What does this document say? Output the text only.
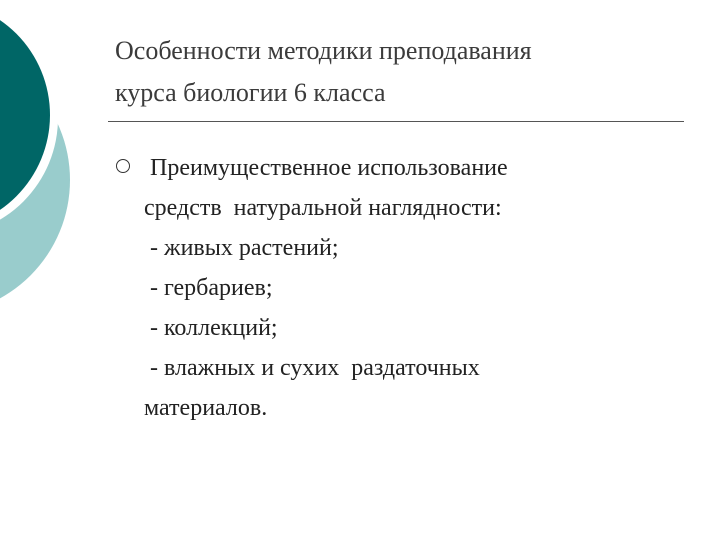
Особенности методики преподавания
курса биологии 6 класса
Преимущественное использование
средств  натуральной наглядности:
- живых растений;
- гербариев;
- коллекций;
- влажных и сухих  раздаточных
материалов.
